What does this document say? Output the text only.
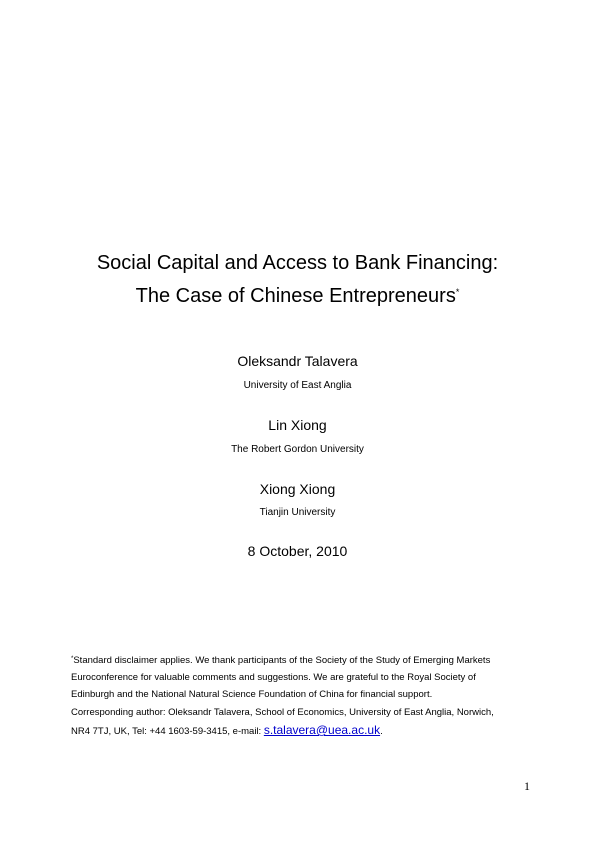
Social Capital and Access to Bank Financing:
The Case of Chinese Entrepreneurs*
Oleksandr Talavera
University of East Anglia
Lin Xiong
The Robert Gordon University
Xiong Xiong
Tianjin University
8 October, 2010
*Standard disclaimer applies. We thank participants of the Society of the Study of Emerging Markets
Euroconference for valuable comments and suggestions. We are grateful to the Royal Society of
Edinburgh and the National Natural Science Foundation of China for financial support.
Corresponding author: Oleksandr Talavera, School of Economics, University of East Anglia, Norwich,
NR4 7TJ, UK, Tel: +44 1603-59-3415, e-mail: s.talavera@uea.ac.uk.
1
